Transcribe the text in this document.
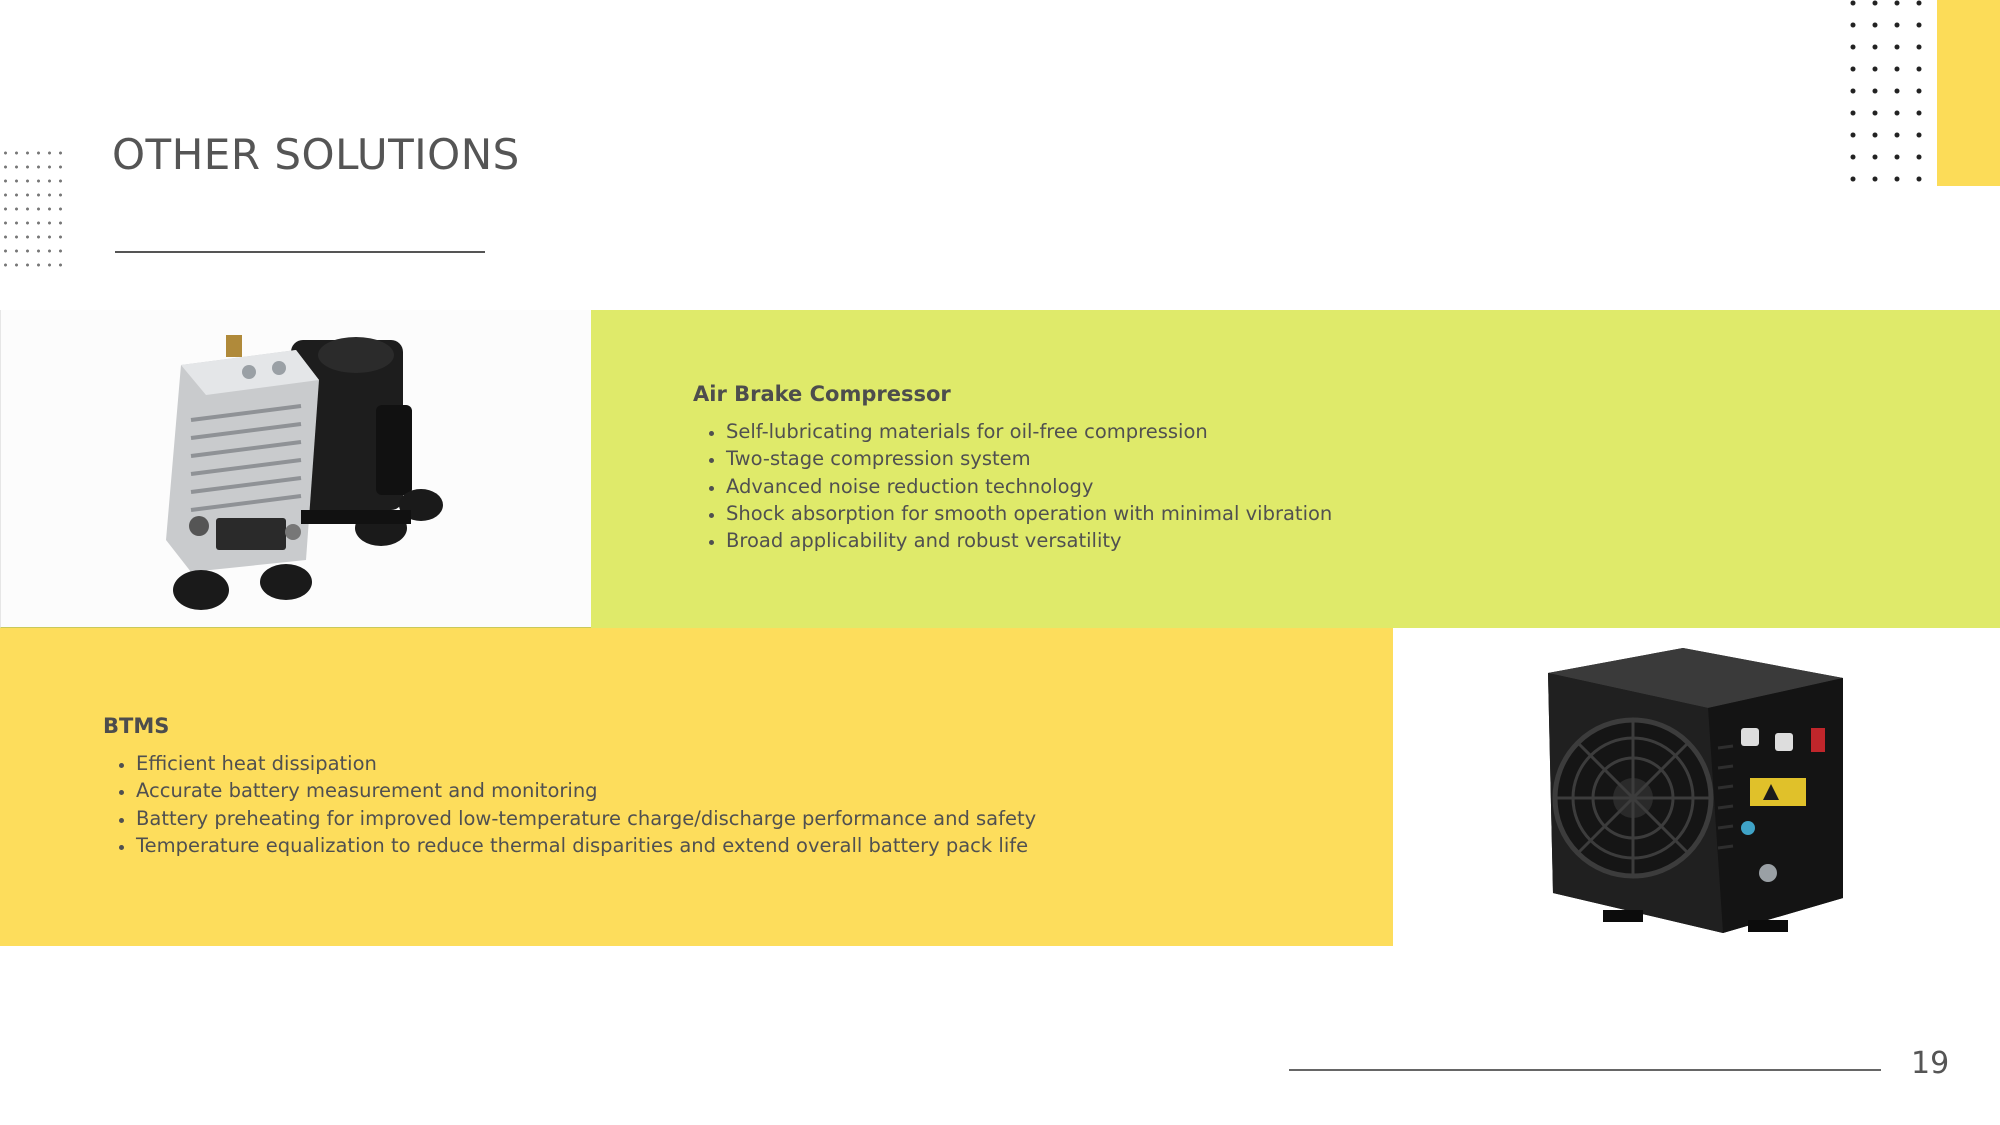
OTHER SOLUTIONS
Air Brake Compressor
Self-lubricating materials for oil-free compression
Two-stage compression system
Advanced noise reduction technology
Shock absorption for smooth operation with minimal vibration
Broad applicability and robust versatility
BTMS
Efficient heat dissipation
Accurate battery measurement and monitoring
Battery preheating for improved low-temperature charge/discharge performance and safety
Temperature equalization to reduce thermal disparities and extend overall battery pack life
19
